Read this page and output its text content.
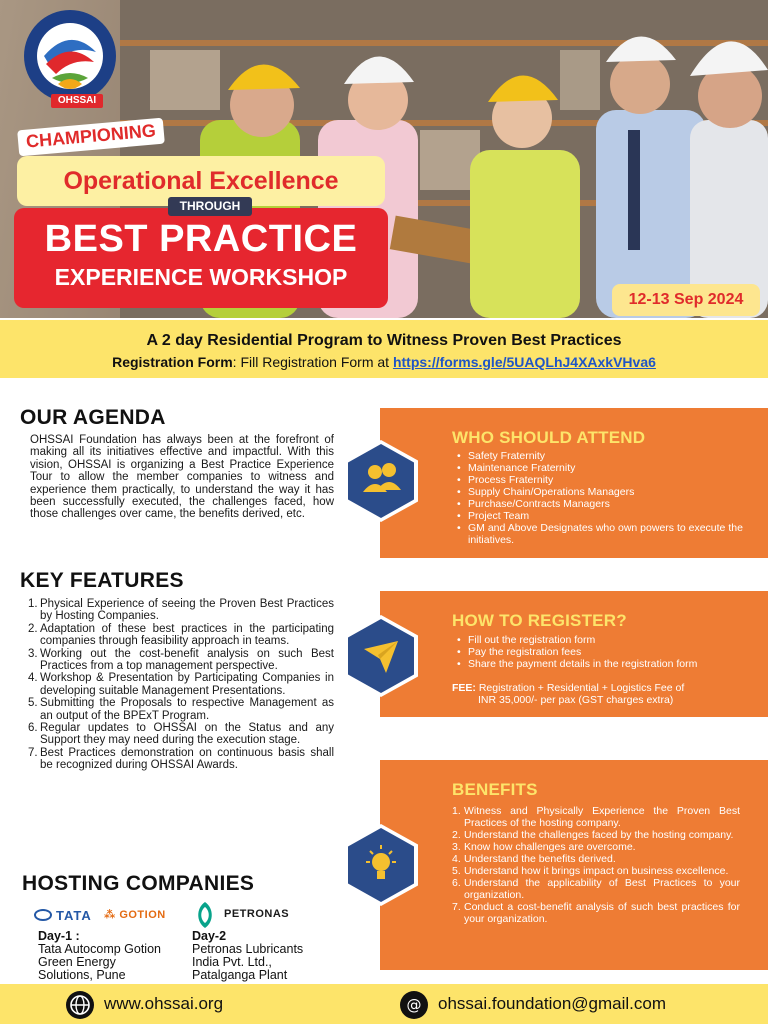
OHSSAI
CHAMPIONING
Operational Excellence
THROUGH
BEST PRACTICE
EXPERIENCE WORKSHOP
12-13 Sep 2024
A 2 day Residential Program to Witness Proven Best Practices
Registration Form: Fill Registration Form at https://forms.gle/5UAQLhJ4XAxkVHva6
OUR AGENDA

OHSSAI Foundation has always been at the forefront of making all its initiatives effective and impactful. With this vision, OHSSAI is organizing a Best Practice Experience Tour to allow the member companies to witness and experience them practically, to understand the way it has been successfully executed, the challenges faced, how those challenges over came, the benefits derived, etc.

KEY FEATURES
1. Physical Experience of seeing the Proven Best Practices by Hosting Companies.
2. Adaptation of these best practices in the participating companies through feasibility approach in teams.
3. Working out the cost-benefit analysis on such Best Practices from a top management perspective.
4. Workshop & Presentation by Participating Companies in developing suitable Management Presentations.
5. Submitting the Proposals to respective Management as an output of the BPExT Program.
6. Regular updates to OHSSAI on the Status and any Support they may need during the execution stage.
7. Best Practices demonstration on continuous basis shall be recognized during OHSSAI Awards.
HOSTING COMPANIES
TATA ⁂ GOTION	PETRONAS
Day-1 :
Tata Autocomp Gotion
Green Energy
Solutions, Pune
Day-2
Petronas Lubricants
India Pvt. Ltd.,
Patalganga Plant
WHO SHOULD ATTEND
• Safety Fraternity
• Maintenance Fraternity
• Process Fraternity
• Supply Chain/Operations Managers
• Purchase/Contracts Managers
• Project Team
• GM and Above Designates who own powers to execute the initiatives.
HOW TO REGISTER?
• Fill out the registration form
• Pay the registration fees
• Share the payment details in the registration form
FEE: Registration + Residential + Logistics Fee of
INR 35,000/- per pax (GST charges extra)
BENEFITS
1. Witness and Physically Experience the Proven Best Practices of the hosting company.
2. Understand the challenges faced by the hosting company.
3. Know how challenges are overcome.
4. Understand the benefits derived.
5. Understand how it brings impact on business excellence.
6. Understand the applicability of Best Practices to your organization.
7. Conduct a cost-benefit analysis of such best practices for your organization.
www.ohssai.org	@ ohssai.foundation@gmail.com
